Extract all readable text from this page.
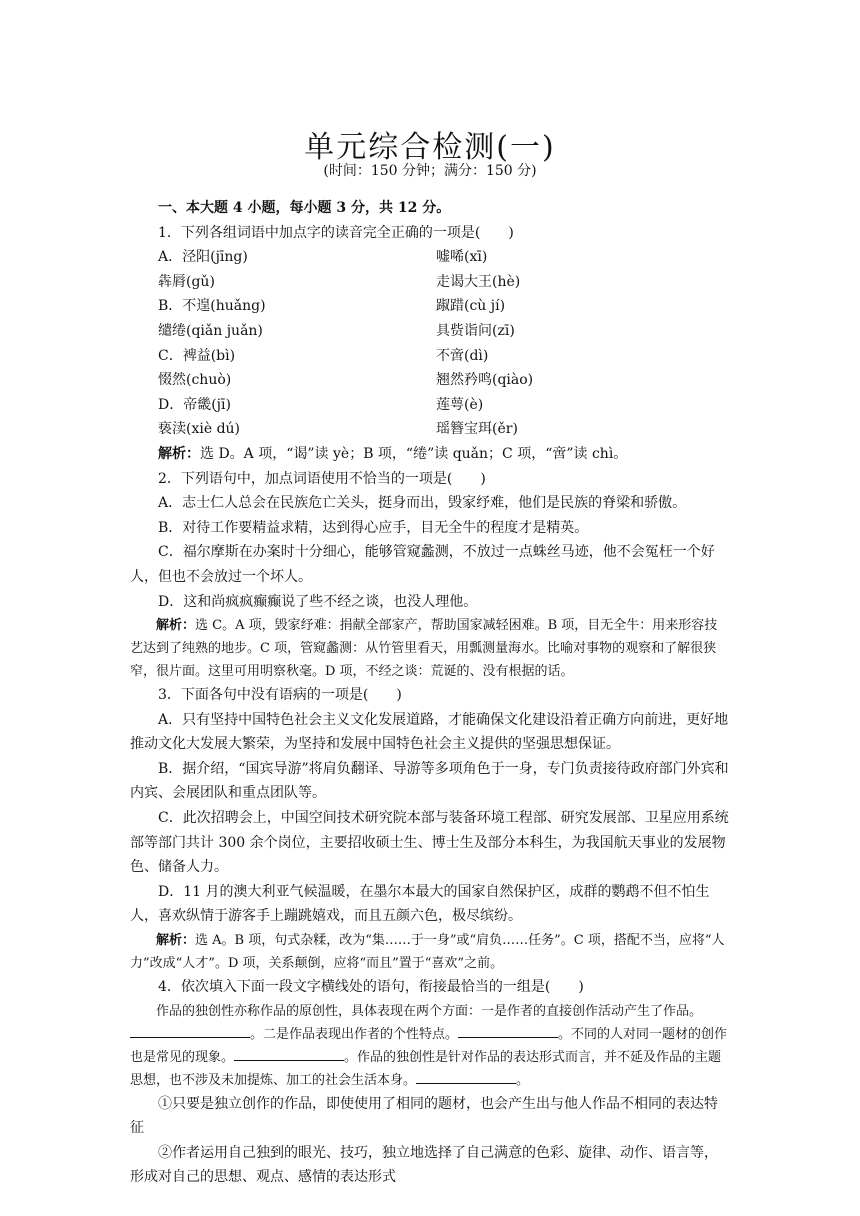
单元综合检测(一)
(时间：150 分钟；满分：150 分)

一、本大题 4 小题，每小题 3 分，共 12 分。

1．下列各组词语中加点字的读音完全正确的一项是(　　)

A．泾阳(jīng)	嘘唏(xī)
犇脣(gǔ)	走谒大王(hè)
B．不遑(huǎng)	踧踖(cù jí)
缱绻(qiǎn juǎn)	具赀诣问(zī)
C．裨益(bì)	不啻(dì)
惙然(chuò)	翘然矜鸣(qiào)
D．帝畿(jī)	莲萼(è)
亵渎(xiè dú)	瑶簪宝珥(ěr)

解析：选 D。A 项，“谒”读 yè；B 项，“绻”读 quǎn；C 项，“啻”读 chì。

2．下列语句中，加点词语使用不恰当的一项是(　　)

A．志士仁人总会在民族危亡关头，挺身而出，毁家纾难，他们是民族的脊梁和骄傲。

B．对待工作要精益求精，达到得心应手，目无全牛的程度才是精英。

C．福尔摩斯在办案时十分细心，能够管窥蠡测，不放过一点蛛丝马迹，他不会冤枉一个好人，但也不会放过一个坏人。

D．这和尚疯疯癫癫说了些不经之谈，也没人理他。

解析：选 C。A 项，毁家纾难：捐献全部家产，帮助国家减轻困难。B 项，目无全牛：用来形容技艺达到了纯熟的地步。C 项，管窥蠡测：从竹管里看天，用瓢测量海水。比喻对事物的观察和了解很狭窄，很片面。这里可用明察秋毫。D 项，不经之谈：荒诞的、没有根据的话。

3．下面各句中没有语病的一项是(　　)

A．只有坚持中国特色社会主义文化发展道路，才能确保文化建设沿着正确方向前进，更好地推动文化大发展大繁荣，为坚持和发展中国特色社会主义提供的坚强思想保证。

B．据介绍，“国宾导游”将肩负翻译、导游等多项角色于一身，专门负责接待政府部门外宾和内宾、会展团队和重点团队等。

C．此次招聘会上，中国空间技术研究院本部与装备环境工程部、研究发展部、卫星应用系统部等部门共计 300 余个岗位，主要招收硕士生、博士生及部分本科生，为我国航天事业的发展物色、储备人力。

D．11 月的澳大利亚气候温暖，在墨尔本最大的国家自然保护区，成群的鹦鹉不但不怕生人，喜欢纵情于游客手上蹦跳嬉戏，而且五颜六色，极尽缤纷。

解析：选 A。B 项，句式杂糅，改为“集……于一身”或“肩负……任务”。C 项，搭配不当，应将“人力”改成“人才”。D 项，关系颠倒，应将“而且”置于“喜欢”之前。

4．依次填入下面一段文字横线处的语句，衔接最恰当的一组是(　　)

作品的独创性亦称作品的原创性，具体表现在两个方面：一是作者的直接创作活动产生了作品。。二是作品表现出作者的个性特点。	。不同的人对同一题材的创作也是常见的现象。	。作品的独创性是针对作品的表达形式而言，并不延及作品的主题思想，也不涉及未加提炼、加工的社会生活本身。	。

①只要是独立创作的作品，即使使用了相同的题材，也会产生出与他人作品不相同的表达特征

②作者运用自己独到的眼光、技巧，独立地选择了自己满意的色彩、旋律、动作、语言等，形成对自己的思想、观点、感情的表达形式
